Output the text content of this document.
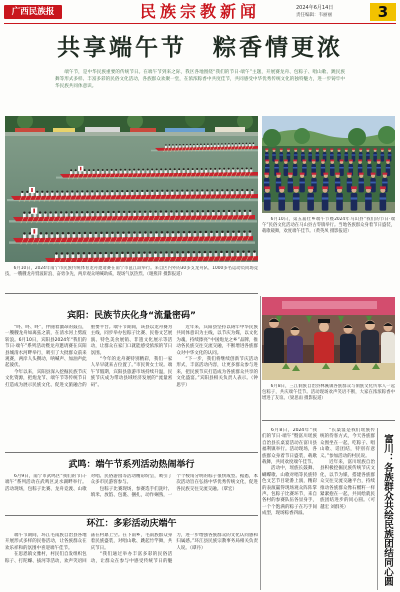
广西民族报	民族宗教新闻	2024年6月14日
责任编辑：韦丽丽	3
共享端午节　粽香情更浓

端午节，是中华民族重要的传统节日。在端午节到来之际，我区各地围绕“我们的节日·端午”主题，开展赛龙舟、包粽子、唱山歌、跳民族舞等形式多样、丰富多彩的民俗文化活动，各族群众欢聚一堂，在浓浓粽香中共度佳节，共同感受中华优秀传统文化的独特魅力，进一步铸牢中华民族共同体意识。

6月10日，2024年南宁市民族传统体育龙舟邀请赛在南宁市邕江段举行。来自区内外的30多支龙舟队、1000多名运动员同场竞技，一艘艘龙舟劈波斩浪、奋勇争先，两岸观众呐喊助威，现场气氛热烈。（谢燕萍 摄影报道）

6月10日，第五届壮乡端午节暨2024年马山县“我们的节日·端午”民俗文化活动在马山县古零镇举行。当地各族群众身着节日盛装，载歌载舞，欢度端午佳节。（黄英凤 摄影报道）

宾阳：民族节庆化身“流量密码”

“咚、咚、咚”，伴随着激昂的鼓点，一艘艘龙舟如离弦之箭，在清水河上劈波斩浪。6月10日，宾阳县2024年“我们的节日·端午”系列活动暨龙舟邀请赛在宾阳县城清水河畔举行，吸引了大批群众前来观赛，两岸人头攒动，呐喊声、加油声此起彼伏。

今年以来，宾阳县深入挖掘民族节庆文化资源，把炮龙节、端午节等传统节日打造成为展示民族文化、促进文旅融合的重要平台。端午节期间，该县以龙舟赛为主线，同步举办包粽子比赛、民俗文艺展演、特色美食展销、非遗文化展示等活动，让群众在家门口就能感受浓浓的节日氛围。

“今年的龙舟赛特别精彩，我们一家人早早就来占位置了。”市民黄女士说。端午节假期，宾阳县旅游市场持续升温，民族节庆成为带动县域经济发展的“流量密码”。

近年来，宾阳县坚持以铸牢中华民族共同体意识为主线，以节庆为媒，以文化为魂，持续擦亮“中国炮龙之乡”品牌，推动各民族交往交流交融，不断增进各族群众对中华文化的认同。

“下一步，我们将继续创新节庆活动形式，丰富活动内容，让更多群众参与进来，把民族节庆打造成为各族群众共享的文化盛宴。”宾阳县相关负责人表示。（钟思宇）

武鸣：端午节系列活动热闹举行

6月9日，南宁市武鸣区“我们的节日·端午”系列活动在武鸣区灵水湖畔举行。活动现场，包粽子比赛、龙舟竞渡、山歌对唱、民俗游园等活动精彩纷呈，吸引了众多市民游客参与。

包粽子比赛现场，参赛选手们洗叶、填米、放馅、包裹、捆扎，动作娴熟，一个个棱角分明的粽子很快成型。据悉，本次活动旨在弘扬中华优秀传统文化，促进各民族交往交流交融。（覃宏）

环江：多彩活动庆端午

端午节期间，环江毛南族自治县各地开展形式多样的民俗活动，让各族群众在欢乐祥和的氛围中喜迎端午佳节。

在思恩镇文雅村，村民们自发组织包粽子、打陀螺、拔河等活动，欢声笑语回荡在村寨上空。在下南乡，毛南族群众身着民族盛装，对唱山歌、跳起竹竿舞，共庆节日。

“我们通过举办丰富多彩的民俗活动，让群众在参与中感受传统节日的魅力，进一步增强各族群众的文化认同感和归属感。”环江县民族宗教事务局相关负责人说。（谭丹）

6月8日，三江侗族自治县林溪镇各族群众与侗族文化传承人一起包粽子，共庆端午佳节。活动现场欢声笑语不断，大家在浓浓粽香中增进了友谊。（梁思雨 摄影报道）

6月8日，2024年“我们的节日·端午”暨富川瑶族自治县长桌宴活动在富川县福利镇举行。活动现场，各族群众身着节日盛装，载歌载舞，共同欢度端午佳节。

活动中，瑶族长鼓舞、蝴蝶歌、山歌对唱等民族特色文艺节目轮番上演，精彩的表演赢得现场观众阵阵掌声。包粽子比赛环节，来自各村的参赛队伍各显身手，一个个饱满的粽子在巧手间成型，现场粽香四溢。

“长桌宴是我们瑶族传统的待客方式，今天各族群众围坐在一起，吃粽子、唱山歌、话团结，特别有意义。”参加活动的村民说。

近年来，富川瑶族自治县积极挖掘民族传统节庆文化，以节为媒，搭建各族群众交往交流交融平台，持续推动各族群众像石榴籽一样紧紧抱在一起，共同绘就民族团结进步的同心圆。（可越宏 刘群英）	富川：各族群众共绘民族团结同心圆
